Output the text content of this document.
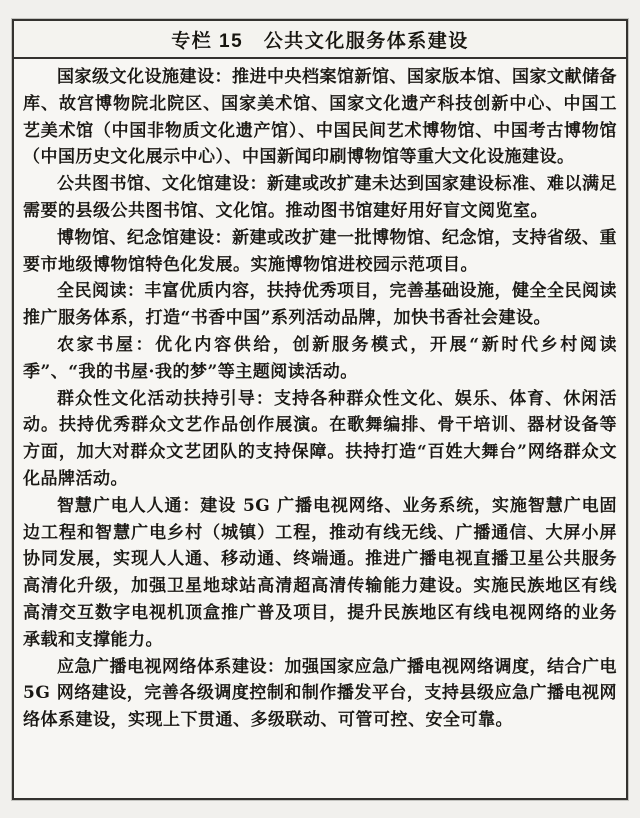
专栏 15　公共文化服务体系建设

国家级文化设施建设：推进中央档案馆新馆、国家版本馆、国家文献储备库、故宫博物院北院区、国家美术馆、国家文化遗产科技创新中心、中国工艺美术馆（中国非物质文化遗产馆）、中国民间艺术博物馆、中国考古博物馆（中国历史文化展示中心）、中国新闻印刷博物馆等重大文化设施建设。

公共图书馆、文化馆建设：新建或改扩建未达到国家建设标准、难以满足需要的县级公共图书馆、文化馆。推动图书馆建好用好盲文阅览室。

博物馆、纪念馆建设：新建或改扩建一批博物馆、纪念馆，支持省级、重要市地级博物馆特色化发展。实施博物馆进校园示范项目。

全民阅读：丰富优质内容，扶持优秀项目，完善基础设施，健全全民阅读推广服务体系，打造“书香中国”系列活动品牌，加快书香社会建设。

农家书屋：优化内容供给，创新服务模式，开展“新时代乡村阅读季”、“我的书屋·我的梦”等主题阅读活动。

群众性文化活动扶持引导：支持各种群众性文化、娱乐、体育、休闲活动。扶持优秀群众文艺作品创作展演。在歌舞编排、骨干培训、器材设备等方面，加大对群众文艺团队的支持保障。扶持打造“百姓大舞台”网络群众文化品牌活动。

智慧广电人人通：建设 5G 广播电视网络、业务系统，实施智慧广电固边工程和智慧广电乡村（城镇）工程，推动有线无线、广播通信、大屏小屏协同发展，实现人人通、移动通、终端通。推进广播电视直播卫星公共服务高清化升级，加强卫星地球站高清超高清传输能力建设。实施民族地区有线高清交互数字电视机顶盒推广普及项目，提升民族地区有线电视网络的业务承载和支撑能力。

应急广播电视网络体系建设：加强国家应急广播电视网络调度，结合广电 5G 网络建设，完善各级调度控制和制作播发平台，支持县级应急广播电视网络体系建设，实现上下贯通、多级联动、可管可控、安全可靠。
